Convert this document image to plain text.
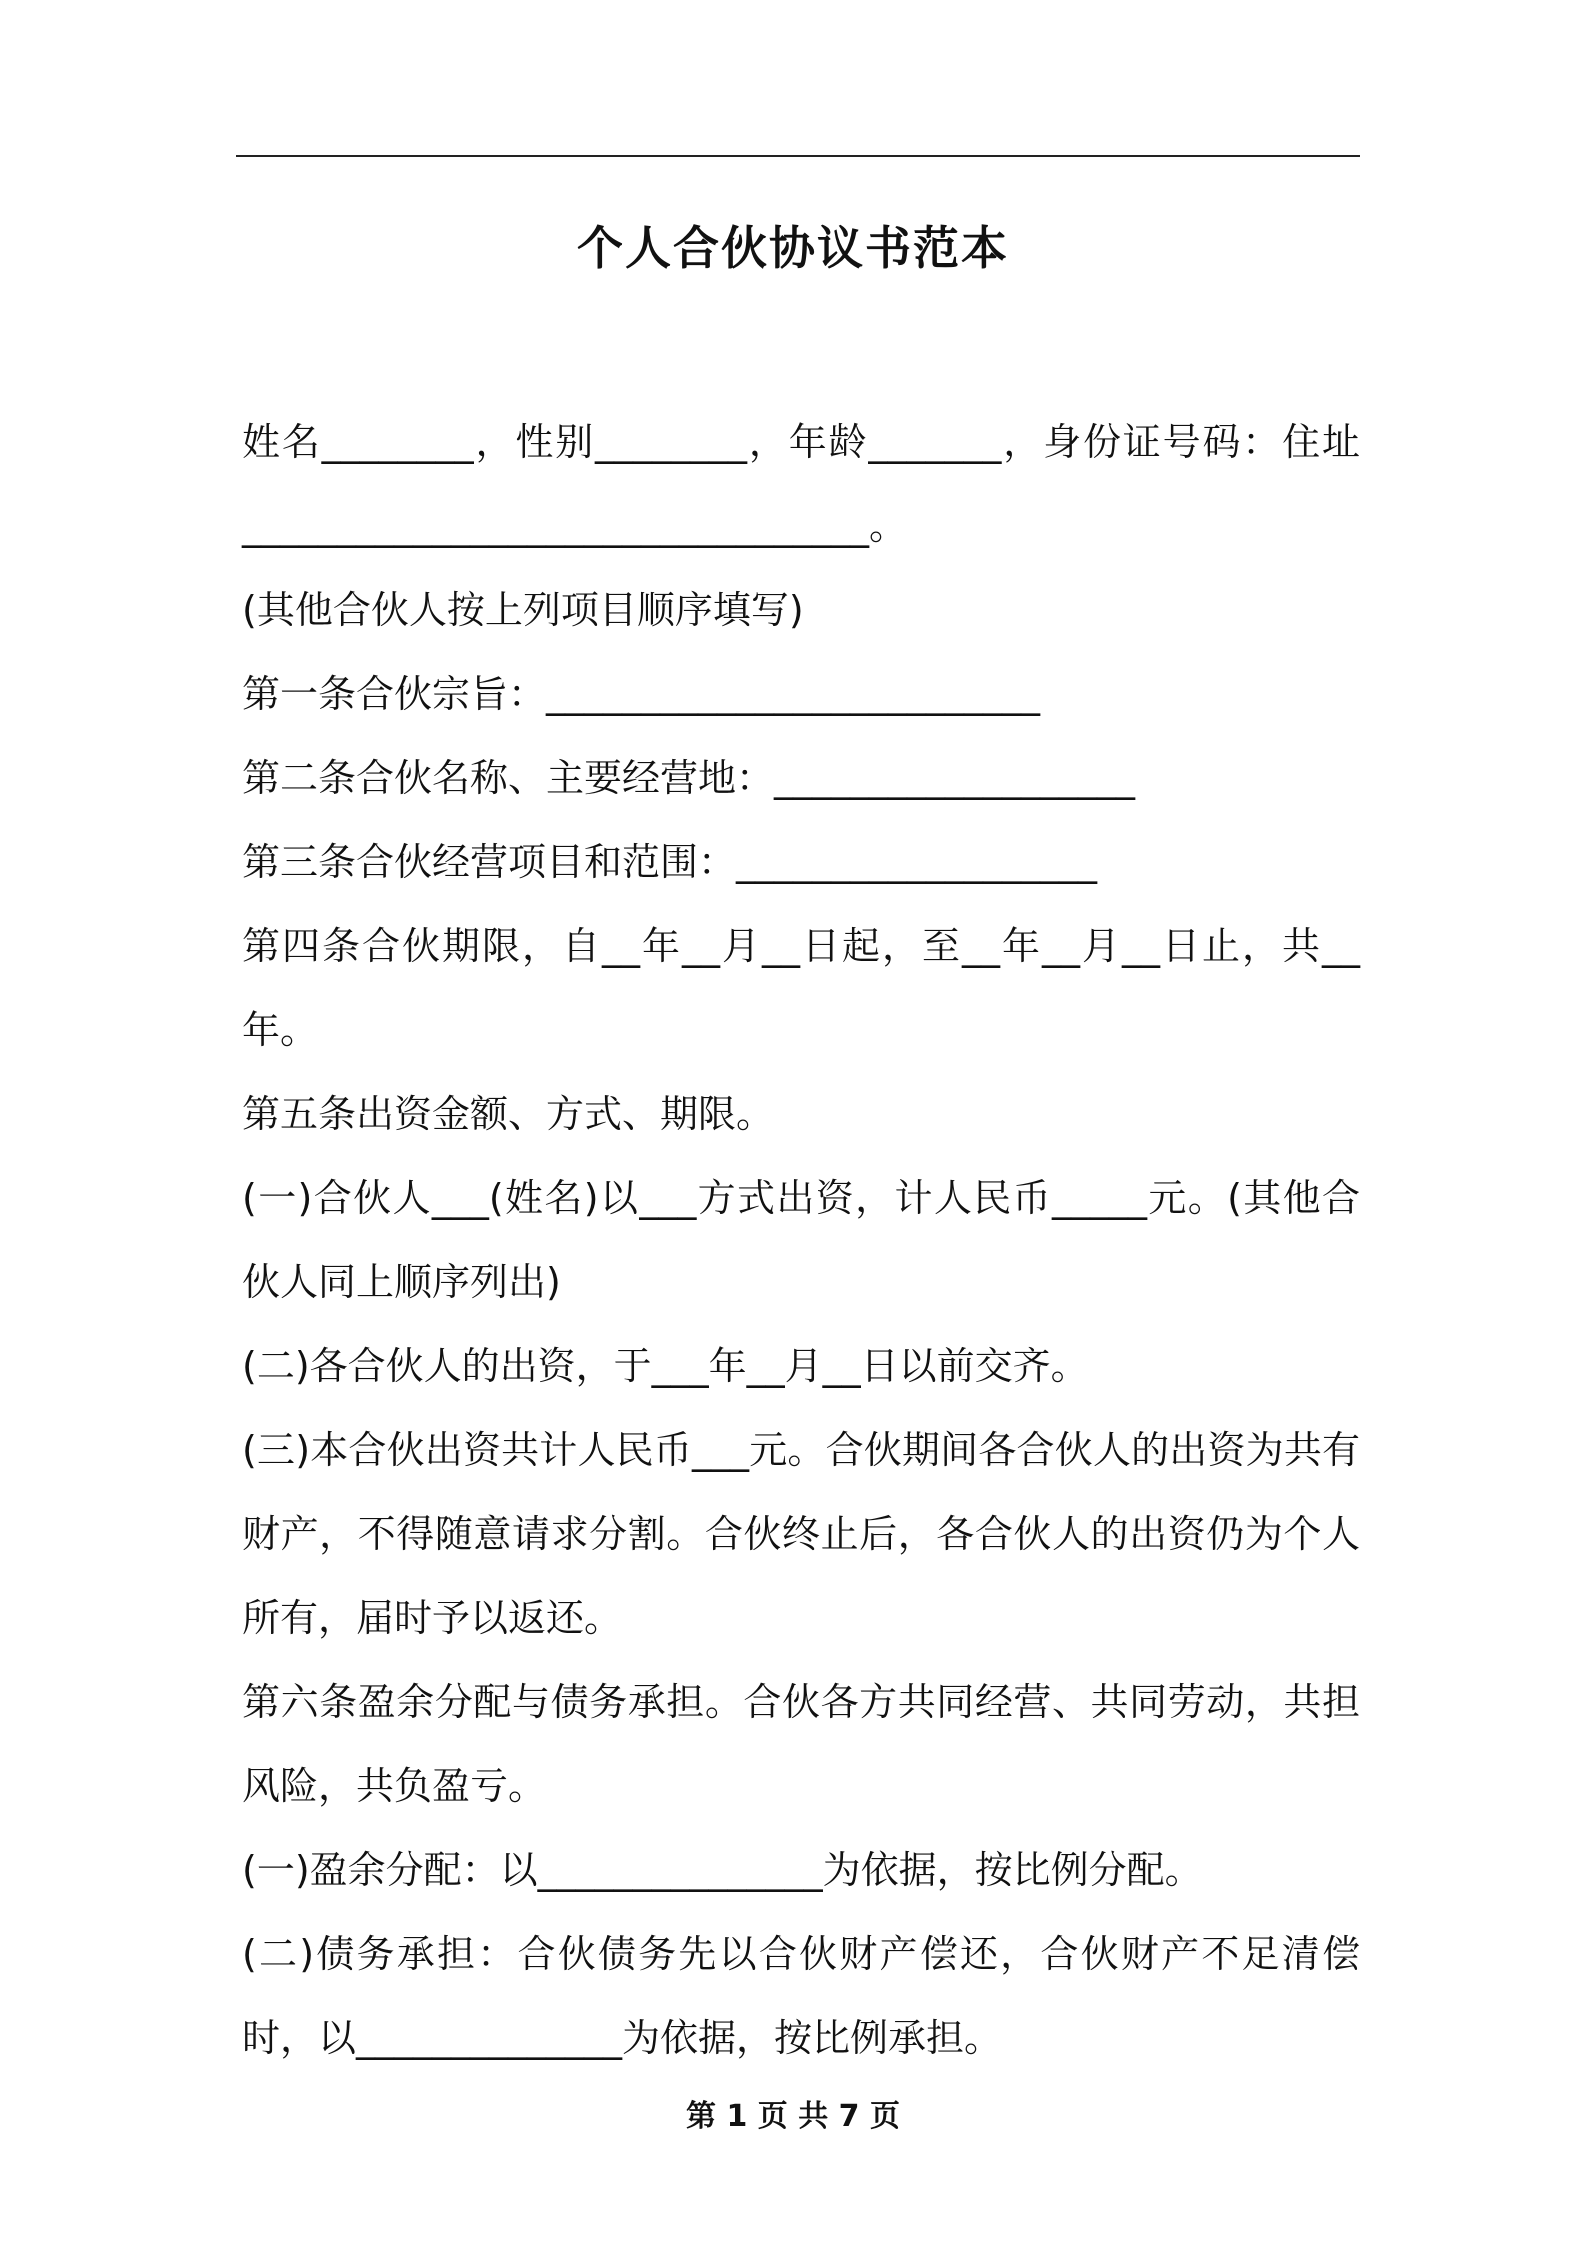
个人合伙协议书范本

姓名________，性别________，年龄_______，身份证号码：住址_________________________________。

(其他合伙人按上列项目顺序填写)

第一条合伙宗旨：__________________________

第二条合伙名称、主要经营地：___________________

第三条合伙经营项目和范围：___________________

第四条合伙期限，自__年__月__日起，至__年__月__日止，共__年。

第五条出资金额、方式、期限。

(一)合伙人___(姓名)以___方式出资，计人民币_____元。(其他合伙人同上顺序列出)

(二)各合伙人的出资，于___年__月__日以前交齐。

(三)本合伙出资共计人民币___元。合伙期间各合伙人的出资为共有财产，不得随意请求分割。合伙终止后，各合伙人的出资仍为个人所有，届时予以返还。

第六条盈余分配与债务承担。合伙各方共同经营、共同劳动，共担风险，共负盈亏。

(一)盈余分配：以_______________为依据，按比例分配。

(二)债务承担：合伙债务先以合伙财产偿还，合伙财产不足清偿时，以______________为依据，按比例承担。

第 1 页 共 7 页
